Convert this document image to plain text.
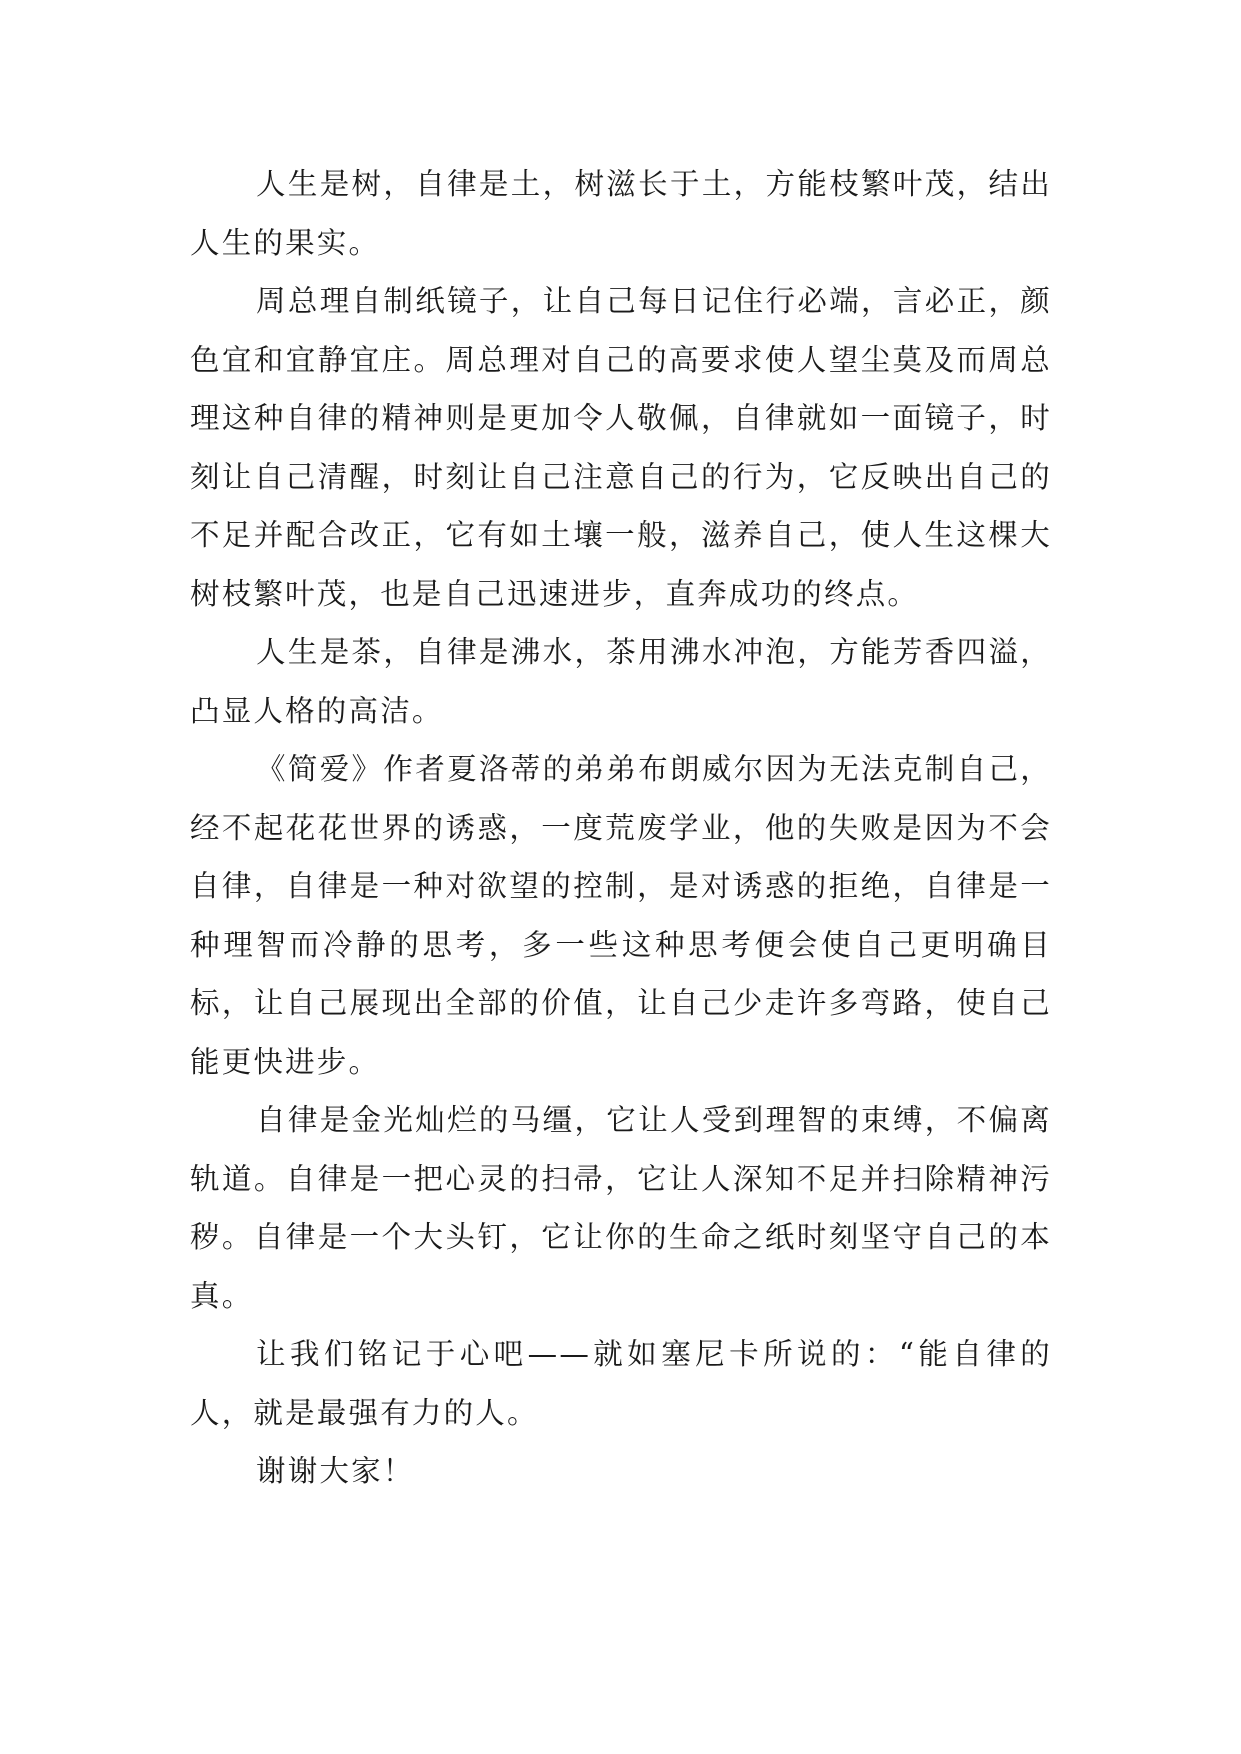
人生是树，自律是土，树滋长于土，方能枝繁叶茂，结出人生的果实。

周总理自制纸镜子，让自己每日记住行必端，言必正，颜色宜和宜静宜庄。周总理对自己的高要求使人望尘莫及而周总理这种自律的精神则是更加令人敬佩，自律就如一面镜子，时刻让自己清醒，时刻让自己注意自己的行为，它反映出自己的不足并配合改正，它有如土壤一般，滋养自己，使人生这棵大树枝繁叶茂，也是自己迅速进步，直奔成功的终点。

人生是茶，自律是沸水，茶用沸水冲泡，方能芳香四溢，凸显人格的高洁。

《简爱》作者夏洛蒂的弟弟布朗威尔因为无法克制自己，经不起花花世界的诱惑，一度荒废学业，他的失败是因为不会自律，自律是一种对欲望的控制，是对诱惑的拒绝，自律是一种理智而冷静的思考，多一些这种思考便会使自己更明确目标，让自己展现出全部的价值，让自己少走许多弯路，使自己能更快进步。

自律是金光灿烂的马缰，它让人受到理智的束缚，不偏离轨道。自律是一把心灵的扫帚，它让人深知不足并扫除精神污秽。自律是一个大头钉，它让你的生命之纸时刻坚守自己的本真。

让我们铭记于心吧——就如塞尼卡所说的：“能自律的人，就是最强有力的人。

谢谢大家！
